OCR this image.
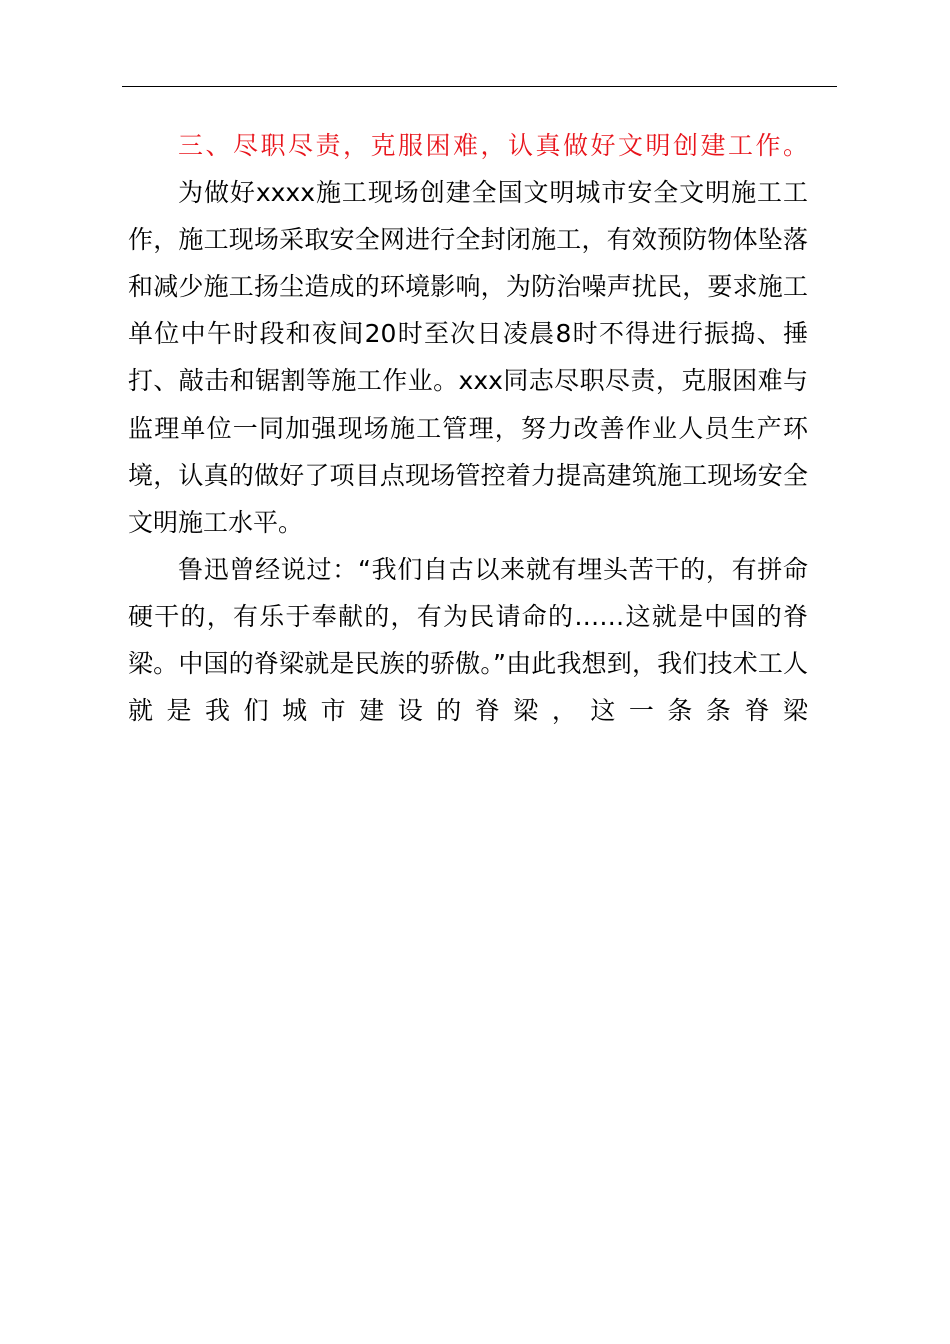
三、尽职尽责，克服困难，认真做好文明创建工作。

为做好xxxx施工现场创建全国文明城市安全文明施工工作，施工现场采取安全网进行全封闭施工，有效预防物体坠落和减少施工扬尘造成的环境影响，为防治噪声扰民，要求施工单位中午时段和夜间20时至次日凌晨8时不得进行振捣、捶打、敲击和锯割等施工作业。xxx同志尽职尽责，克服困难与监理单位一同加强现场施工管理，努力改善作业人员生产环境，认真的做好了项目点现场管控着力提高建筑施工现场安全文明施工水平。

鲁迅曾经说过：“我们自古以来就有埋头苦干的，有拼命硬干的，有乐于奉献的，有为民请命的……这就是中国的脊梁。中国的脊梁就是民族的骄傲。”由此我想到，我们技术工人就是我们城市建设的脊梁，这一条条脊梁
